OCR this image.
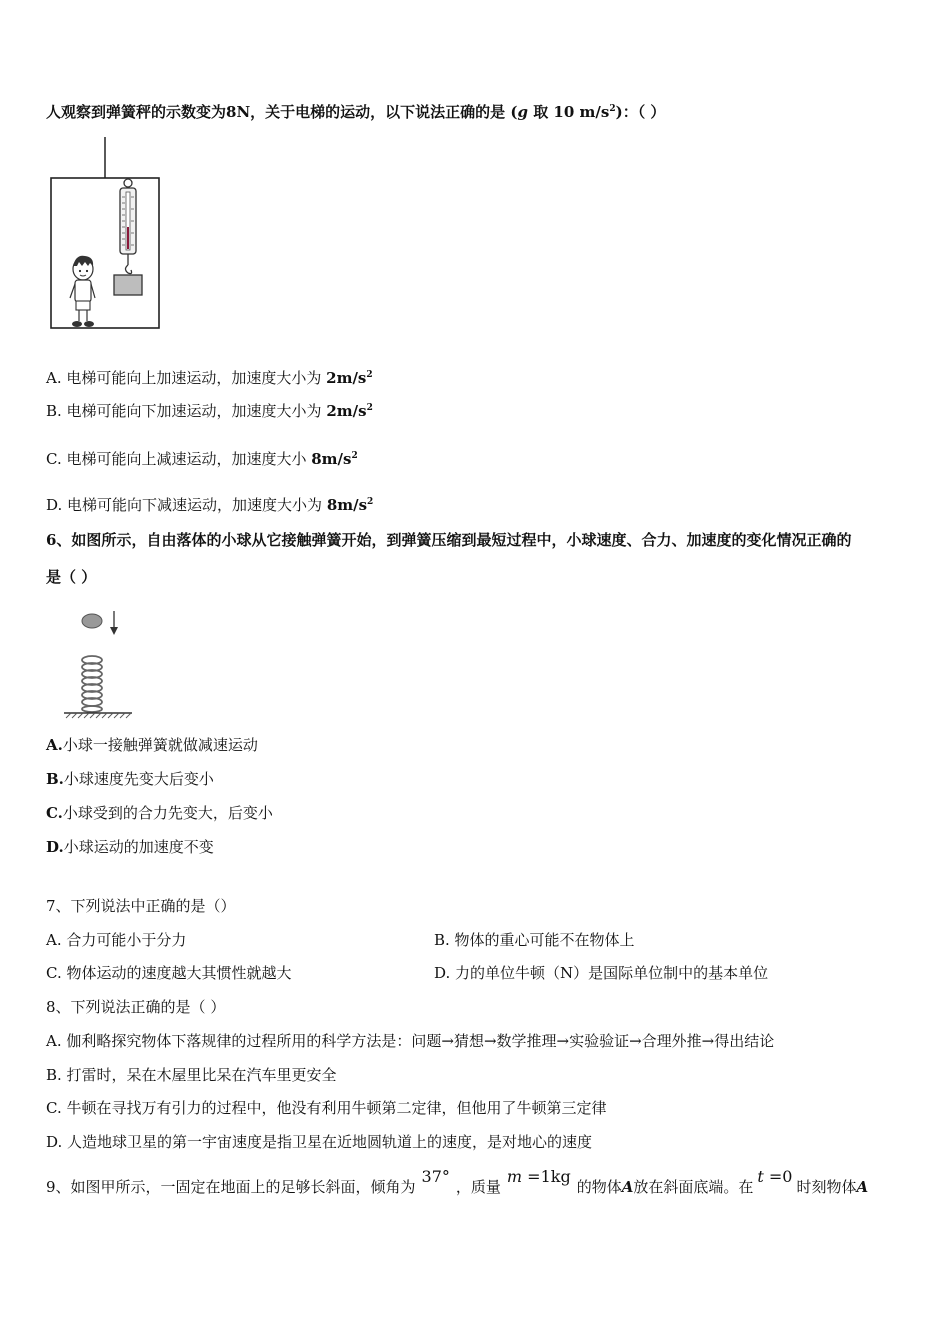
人观察到弹簧秤的示数变为8N，关于电梯的运动，以下说法正确的是 (g 取 10 $m/s^2$)：（ ）
A. 电梯可能向上加速运动，加速度大小为 $2m/s^2$
B. 电梯可能向下加速运动，加速度大小为 $2m/s^2$
C. 电梯可能向上减速运动，加速度大小 $8m/s^2$
D. 电梯可能向下减速运动，加速度大小为 $8m/s^2$
6、如图所示，自由落体的小球从它接触弹簧开始，到弹簧压缩到最短过程中，小球速度、合力、加速度的变化情况正确的
是（ ）
A.小球一接触弹簧就做减速运动
B.小球速度先变大后变小
C.小球受到的合力先变大，后变小
D.小球运动的加速度不变
7、下列说法中正确的是（）
A. 合力可能小于分力	B. 物体的重心可能不在物体上
C. 物体运动的速度越大其惯性就越大	D. 力的单位牛顿（N）是国际单位制中的基本单位
8、下列说法正确的是（ ）
A. 伽利略探究物体下落规律的过程所用的科学方法是：问题→猜想→数学推理→实验验证→合理外推→得出结论
B. 打雷时，呆在木屋里比呆在汽车里更安全
C. 牛顿在寻找万有引力的过程中，他没有利用牛顿第二定律，但他用了牛顿第三定律
D. 人造地球卫星的第一宇宙速度是指卫星在近地圆轨道上的速度，是对地心的速度
9、如图甲所示，一固定在地面上的足够长斜面，倾角为37°，质量m =1kg的物体A放在斜面底端。在t =0时刻物体A
